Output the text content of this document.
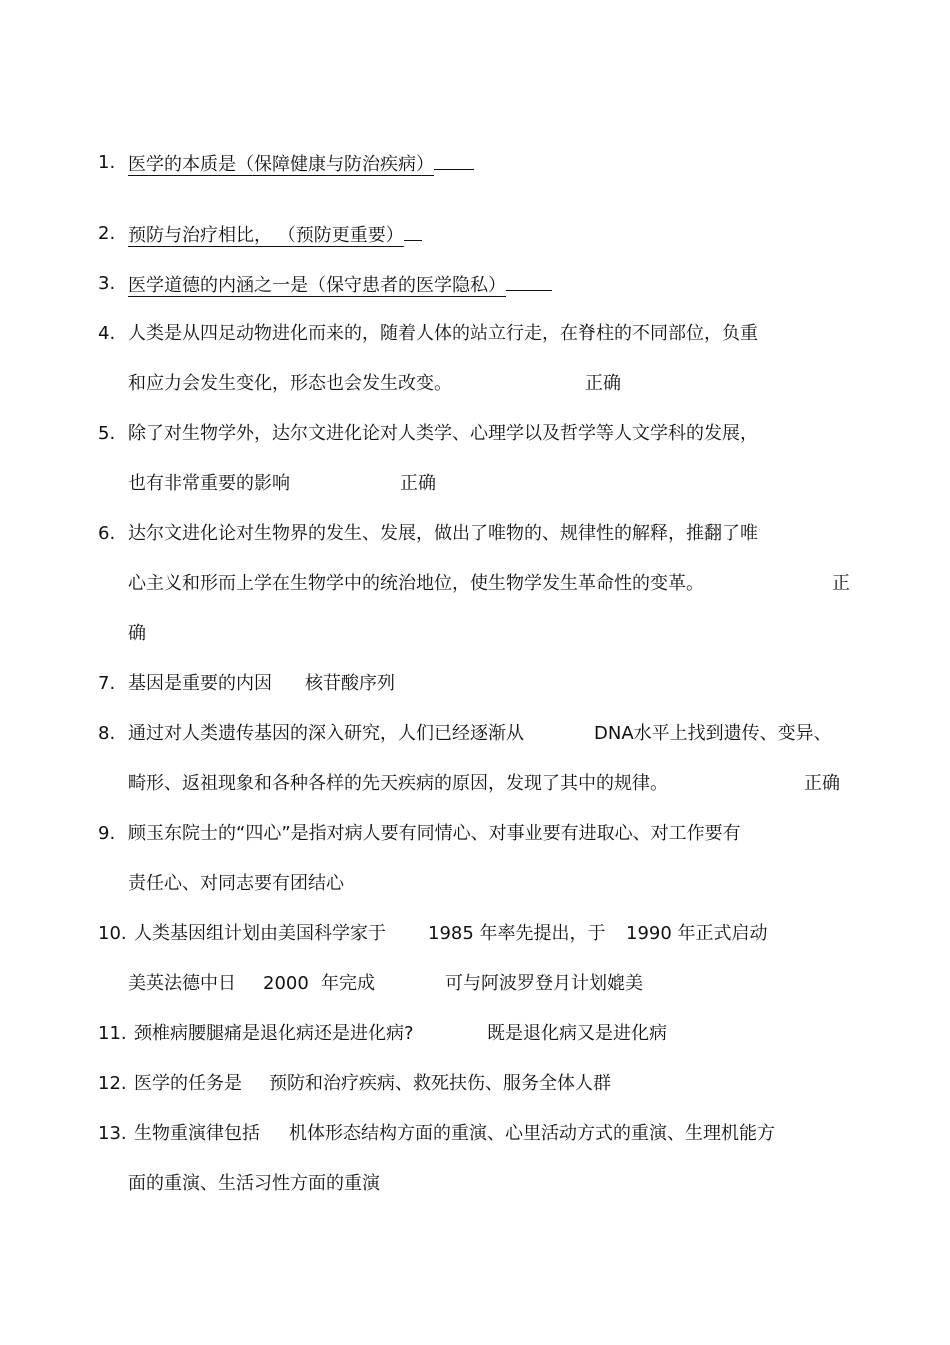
1. 医学的本质是（保障健康与防治疾病）
2. 预防与治疗相比， （预防更重要）
3. 医学道德的内涵之一是（保守患者的医学隐私）
4. 人类是从四足动物进化而来的，随着人体的站立行走，在脊柱的不同部位，负重
和应力会发生变化，形态也会发生改变。	正确
5. 除了对生物学外，达尔文进化论对人类学、心理学以及哲学等人文学科的发展，
也有非常重要的影响	正确
6. 达尔文进化论对生物界的发生、发展，做出了唯物的、规律性的解释，推翻了唯
心主义和形而上学在生物学中的统治地位，使生物学发生革命性的变革。	正
确
7. 基因是重要的内因 核苷酸序列
8. 通过对人类遗传基因的深入研究，人们已经逐渐从	DNA水平上找到遗传、变异、
畸形、返祖现象和各种各样的先天疾病的原因，发现了其中的规律。	正确
9. 顾玉东院士的“四心”是指对病人要有同情心、对事业要有进取心、对工作要有
责任心、对同志要有团结心
10. 人类基因组计划由美国科学家于 1985 年率先提出，于 1990 年正式启动
美英法德中日 2000 年完成	可与阿波罗登月计划媲美
11. 颈椎病腰腿痛是退化病还是进化病?	既是退化病又是进化病
12. 医学的任务是 预防和治疗疾病、救死扶伤、服务全体人群
13. 生物重演律包括 机体形态结构方面的重演、心里活动方式的重演、生理机能方
面的重演、生活习性方面的重演
